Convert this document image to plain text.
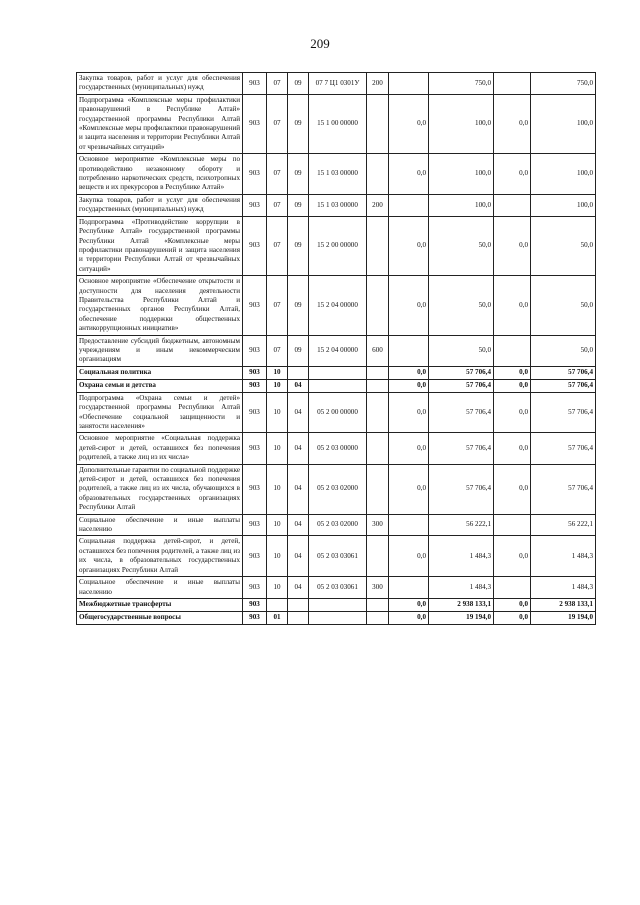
209
Закупка товаров, работ и услуг для обеспечения государственных (муниципальных) нужд	903	07	09	07 7 Ц1 0301У	200		750,0		750,0
Подпрограмма «Комплексные меры профилактики правонарушений в Республике Алтай» государственной программы Республики Алтай «Комплексные меры профилактики правонарушений и защита населения и территории Республики Алтай от чрезвычайных ситуаций»	903	07	09	15 1 00 00000		0,0	100,0	0,0	100,0
Основное мероприятие «Комплексные меры по противодействию незаконному обороту и потреблению наркотических средств, психотропных веществ и их прекурсоров в Республике Алтай»	903	07	09	15 1 03 00000		0,0	100,0	0,0	100,0
Закупка товаров, работ и услуг для обеспечения государственных (муниципальных) нужд	903	07	09	15 1 03 00000	200		100,0		100,0
Подпрограмма «Противодействие коррупции в Республике Алтай» государственной программы Республики Алтай «Комплексные меры профилактики правонарушений и защита населения и территории Республики Алтай от чрезвычайных ситуаций»	903	07	09	15 2 00 00000		0,0	50,0	0,0	50,0
Основное мероприятие «Обеспечение открытости и доступности для населения деятельности Правительства Республики Алтай и государственных органов Республики Алтай, обеспечение поддержки общественных антикоррупционных инициатив»	903	07	09	15 2 04 00000		0,0	50,0	0,0	50,0
Предоставление субсидий бюджетным, автономным учреждениям и иным некоммерческим организациям	903	07	09	15 2 04 00000	600		50,0		50,0
Социальная политика	903	10				0,0	57 706,4	0,0	57 706,4
Охрана семьи и детства	903	10	04			0,0	57 706,4	0,0	57 706,4
Подпрограмма «Охрана семьи и детей» государственной программы Республики Алтай «Обеспечение социальной защищенности и занятости населения»	903	10	04	05 2 00 00000		0,0	57 706,4	0,0	57 706,4
Основное мероприятие «Социальная поддержка детей-сирот и детей, оставшихся без попечения родителей, а также лиц из их числа»	903	10	04	05 2 03 00000		0,0	57 706,4	0,0	57 706,4
Дополнительные гарантии по социальной поддержке детей-сирот и детей, оставшихся без попечения родителей, а также лиц из их числа, обучающихся в образовательных государственных организациях Республики Алтай	903	10	04	05 2 03 02000		0,0	57 706,4	0,0	57 706,4
Социальное обеспечение и иные выплаты населению	903	10	04	05 2 03 02000	300		56 222,1		56 222,1
Социальная поддержка детей-сирот, и детей, оставшихся без попечения родителей, а также лиц из их числа, в образовательных государственных организациях Республики Алтай	903	10	04	05 2 03 03061		0,0	1 484,3	0,0	1 484,3
Социальное обеспечение и иные выплаты населению	903	10	04	05 2 03 03061	300		1 484,3		1 484,3
Межбюджетные трансферты	903					0,0	2 938 133,1	0,0	2 938 133,1
Общегосударственные вопросы	903	01				0,0	19 194,0	0,0	19 194,0
